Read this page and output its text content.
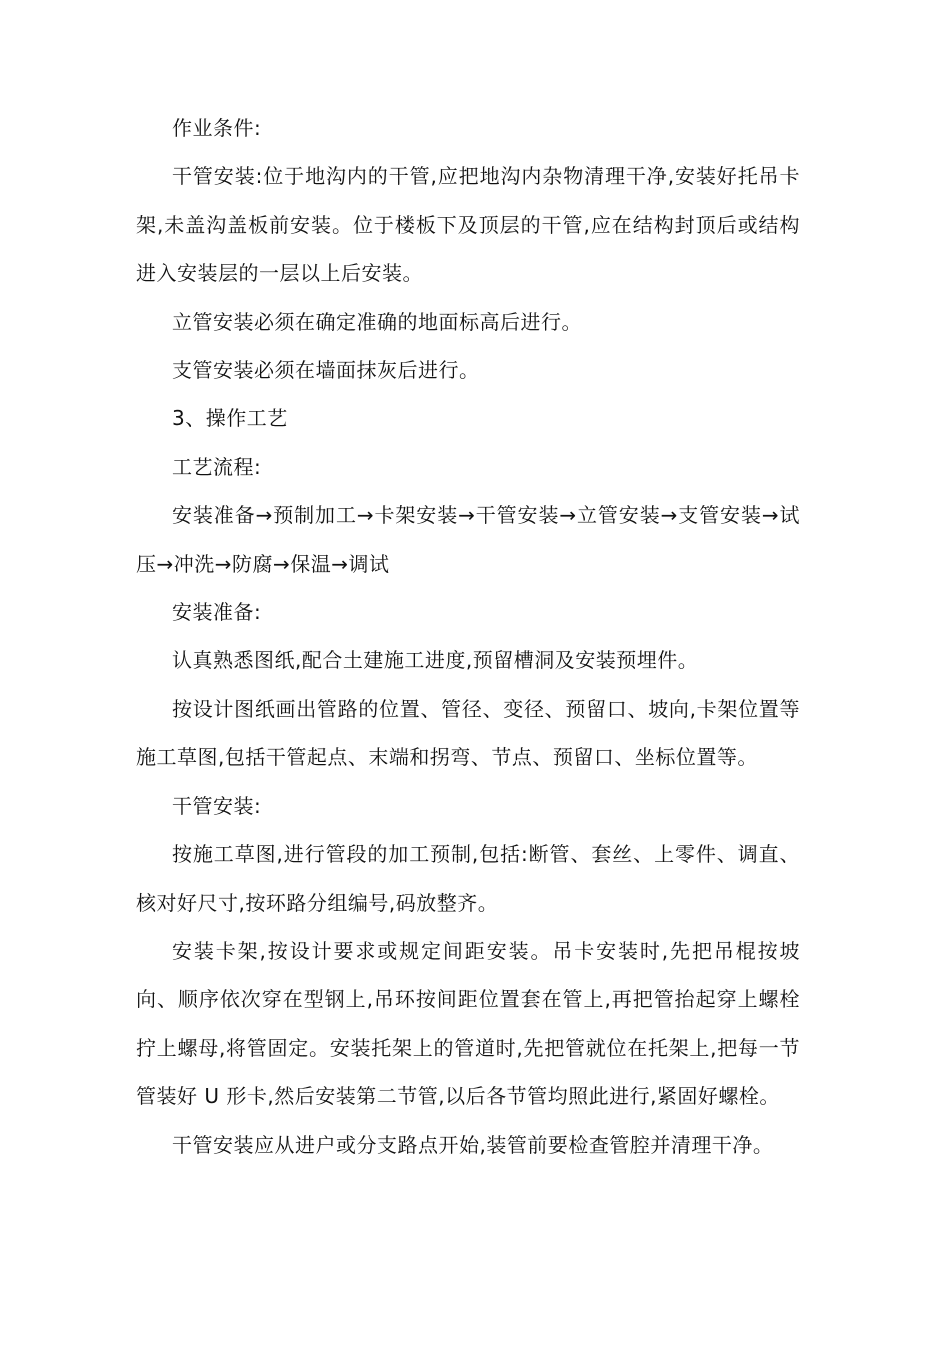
作业条件:

干管安装:位于地沟内的干管,应把地沟内杂物清理干净,安装好托吊卡架,未盖沟盖板前安装。位于楼板下及顶层的干管,应在结构封顶后或结构进入安装层的一层以上后安装。

立管安装必须在确定准确的地面标高后进行。

支管安装必须在墙面抹灰后进行。

3、操作工艺

工艺流程:

安装准备→预制加工→卡架安装→干管安装→立管安装→支管安装→试压→冲洗→防腐→保温→调试

安装准备:

认真熟悉图纸,配合土建施工进度,预留槽洞及安装预埋件。

按设计图纸画出管路的位置、管径、变径、预留口、坡向,卡架位置等施工草图,包括干管起点、末端和拐弯、节点、预留口、坐标位置等。

干管安装:

按施工草图,进行管段的加工预制,包括:断管、套丝、上零件、调直、核对好尺寸,按环路分组编号,码放整齐。

安装卡架,按设计要求或规定间距安装。吊卡安装时,先把吊棍按坡向、顺序依次穿在型钢上,吊环按间距位置套在管上,再把管抬起穿上螺栓拧上螺母,将管固定。安装托架上的管道时,先把管就位在托架上,把每一节管装好 U 形卡,然后安装第二节管,以后各节管均照此进行,紧固好螺栓。

干管安装应从进户或分支路点开始,装管前要检查管腔并清理干净。
